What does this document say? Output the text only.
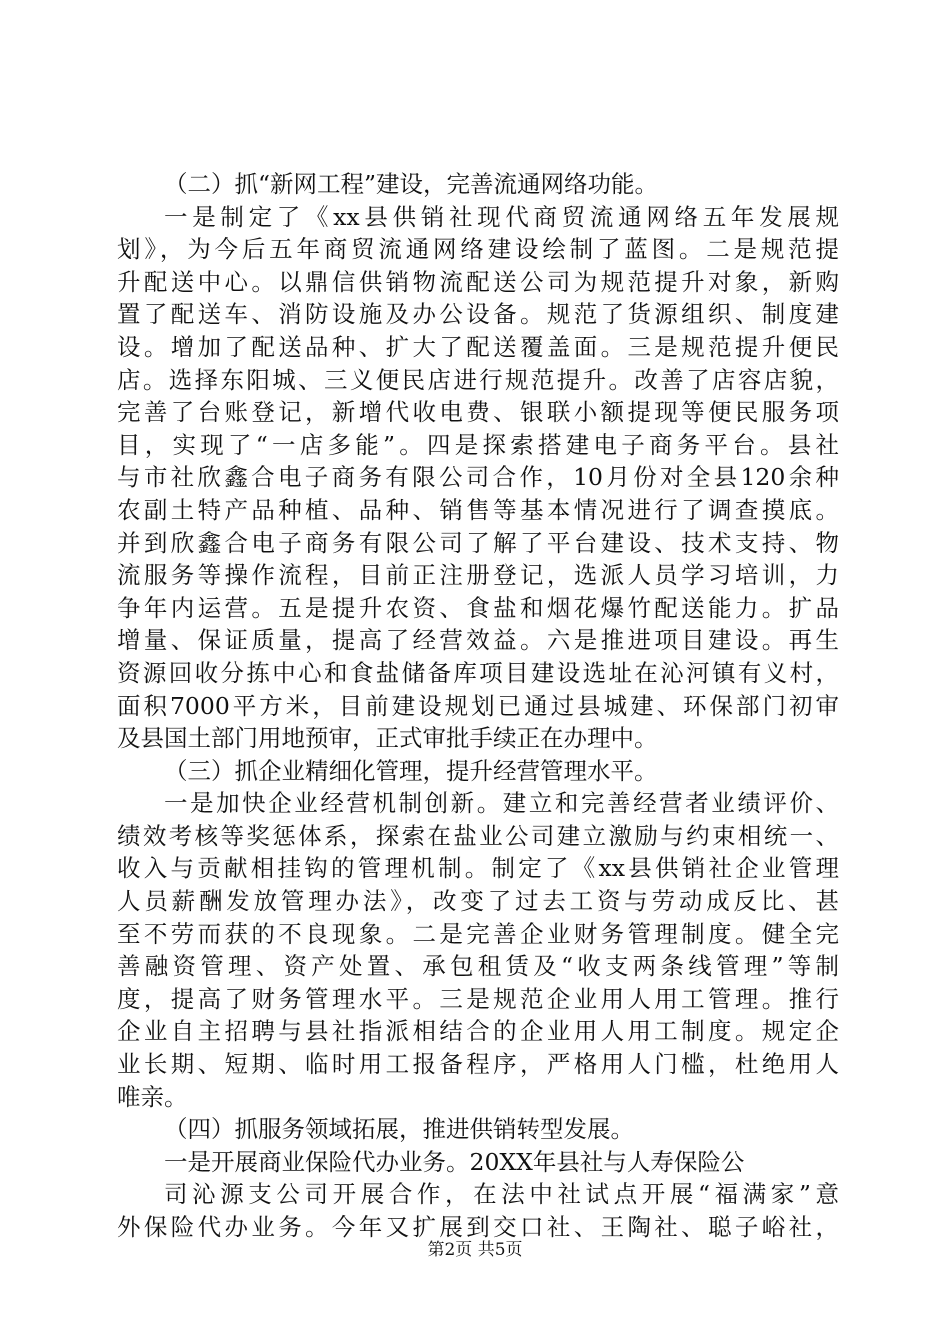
（二）抓“新网工程”建设，完善流通网络功能。
一是制定了《xx县供销社现代商贸流通网络五年发展规
划》，为今后五年商贸流通网络建设绘制了蓝图。二是规范提
升配送中心。以鼎信供销物流配送公司为规范提升对象，新购
置了配送车、消防设施及办公设备。规范了货源组织、制度建
设。增加了配送品种、扩大了配送覆盖面。三是规范提升便民
店。选择东阳城、三义便民店进行规范提升。改善了店容店貌，
完善了台账登记，新增代收电费、银联小额提现等便民服务项
目，实现了“一店多能”。四是探索搭建电子商务平台。县社
与市社欣鑫合电子商务有限公司合作，10月份对全县120余种
农副土特产品种植、品种、销售等基本情况进行了调查摸底。
并到欣鑫合电子商务有限公司了解了平台建设、技术支持、物
流服务等操作流程，目前正注册登记，选派人员学习培训，力
争年内运营。五是提升农资、食盐和烟花爆竹配送能力。扩品
增量、保证质量，提高了经营效益。六是推进项目建设。再生
资源回收分拣中心和食盐储备库项目建设选址在沁河镇有义村，
面积7000平方米，目前建设规划已通过县城建、环保部门初审
及县国土部门用地预审，正式审批手续正在办理中。
（三）抓企业精细化管理，提升经营管理水平。
一是加快企业经营机制创新。建立和完善经营者业绩评价、
绩效考核等奖惩体系，探索在盐业公司建立激励与约束相统一、
收入与贡献相挂钩的管理机制。制定了《xx县供销社企业管理
人员薪酬发放管理办法》，改变了过去工资与劳动成反比、甚
至不劳而获的不良现象。二是完善企业财务管理制度。健全完
善融资管理、资产处置、承包租赁及“收支两条线管理”等制
度，提高了财务管理水平。三是规范企业用人用工管理。推行
企业自主招聘与县社指派相结合的企业用人用工制度。规定企
业长期、短期、临时用工报备程序，严格用人门槛，杜绝用人
唯亲。
（四）抓服务领域拓展，推进供销转型发展。
一是开展商业保险代办业务。20XX年县社与人寿保险公
司沁源支公司开展合作，在法中社试点开展“福满家”意
外保险代办业务。今年又扩展到交口社、王陶社、聪子峪社，
第2页 共5页
